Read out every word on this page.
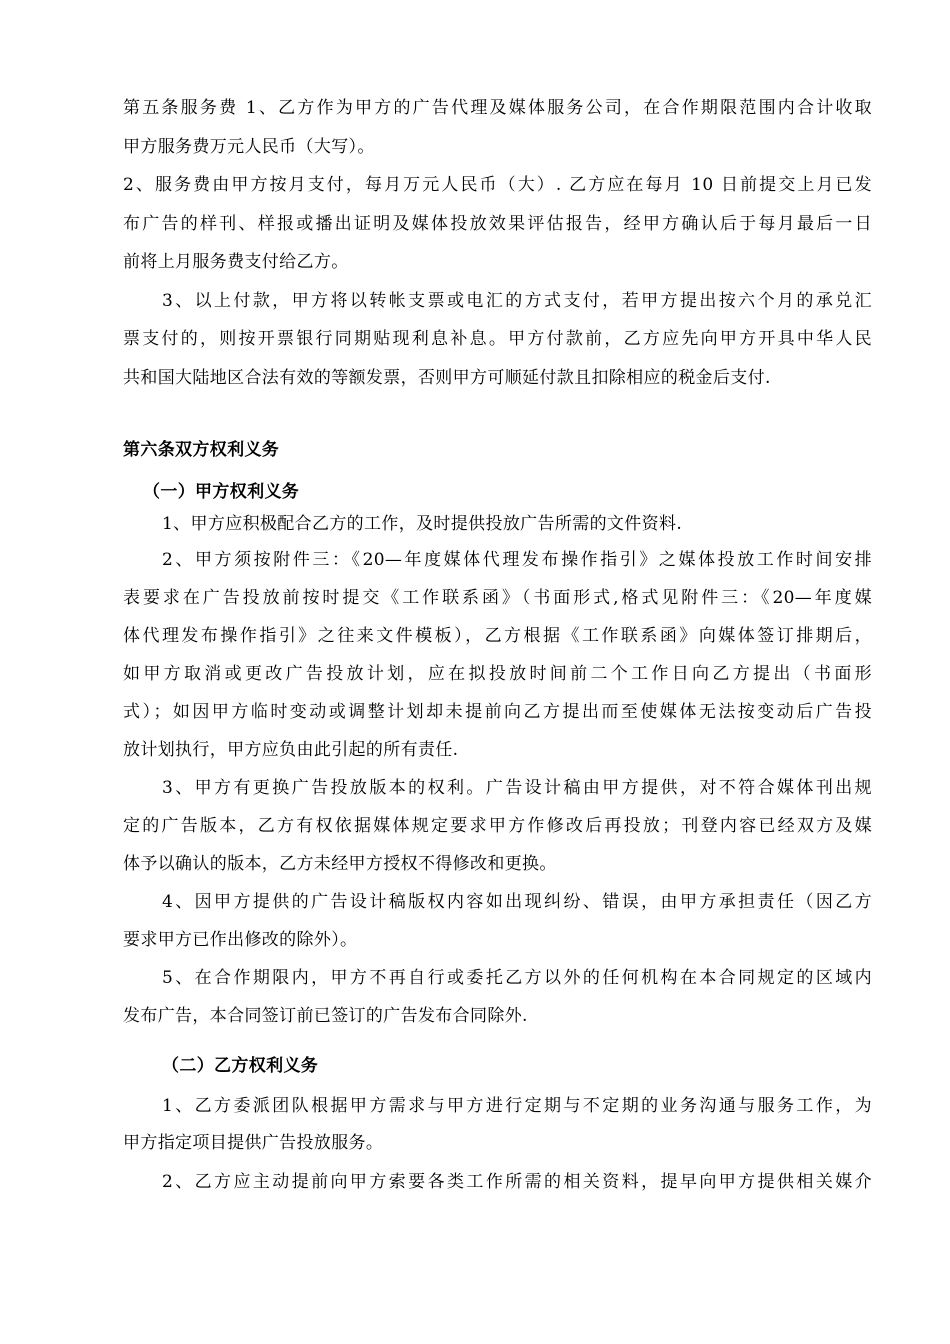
第五条服务费 1、乙方作为甲方的广告代理及媒体服务公司，在合作期限范围内合计收取
甲方服务费万元人民币（大写）。
2、服务费由甲方按月支付，每月万元人民币（大）. 乙方应在每月 10 日前提交上月已发
布广告的样刊、样报或播出证明及媒体投放效果评估报告，经甲方确认后于每月最后一日
前将上月服务费支付给乙方。
3、以上付款，甲方将以转帐支票或电汇的方式支付，若甲方提出按六个月的承兑汇
票支付的，则按开票银行同期贴现利息补息。甲方付款前，乙方应先向甲方开具中华人民
共和国大陆地区合法有效的等额发票，否则甲方可顺延付款且扣除相应的税金后支付.
第六条双方权利义务
（一）甲方权利义务
1、甲方应积极配合乙方的工作，及时提供投放广告所需的文件资料.
2、甲方须按附件三：《20—年度媒体代理发布操作指引》之媒体投放工作时间安排
表要求在广告投放前按时提交《工作联系函》（书面形式,格式见附件三：《20—年度媒
体代理发布操作指引》之往来文件模板），乙方根据《工作联系函》向媒体签订排期后，
如甲方取消或更改广告投放计划，应在拟投放时间前二个工作日向乙方提出（书面形
式）；如因甲方临时变动或调整计划却未提前向乙方提出而至使媒体无法按变动后广告投
放计划执行，甲方应负由此引起的所有责任.
3、甲方有更换广告投放版本的权利。广告设计稿由甲方提供，对不符合媒体刊出规
定的广告版本，乙方有权依据媒体规定要求甲方作修改后再投放；刊登内容已经双方及媒
体予以确认的版本，乙方未经甲方授权不得修改和更换。
4、因甲方提供的广告设计稿版权内容如出现纠纷、错误，由甲方承担责任（因乙方
要求甲方已作出修改的除外）。
5、在合作期限内，甲方不再自行或委托乙方以外的任何机构在本合同规定的区域内
发布广告，本合同签订前已签订的广告发布合同除外.
（二）乙方权利义务
1、乙方委派团队根据甲方需求与甲方进行定期与不定期的业务沟通与服务工作，为
甲方指定项目提供广告投放服务。
2、乙方应主动提前向甲方索要各类工作所需的相关资料，提早向甲方提供相关媒介
